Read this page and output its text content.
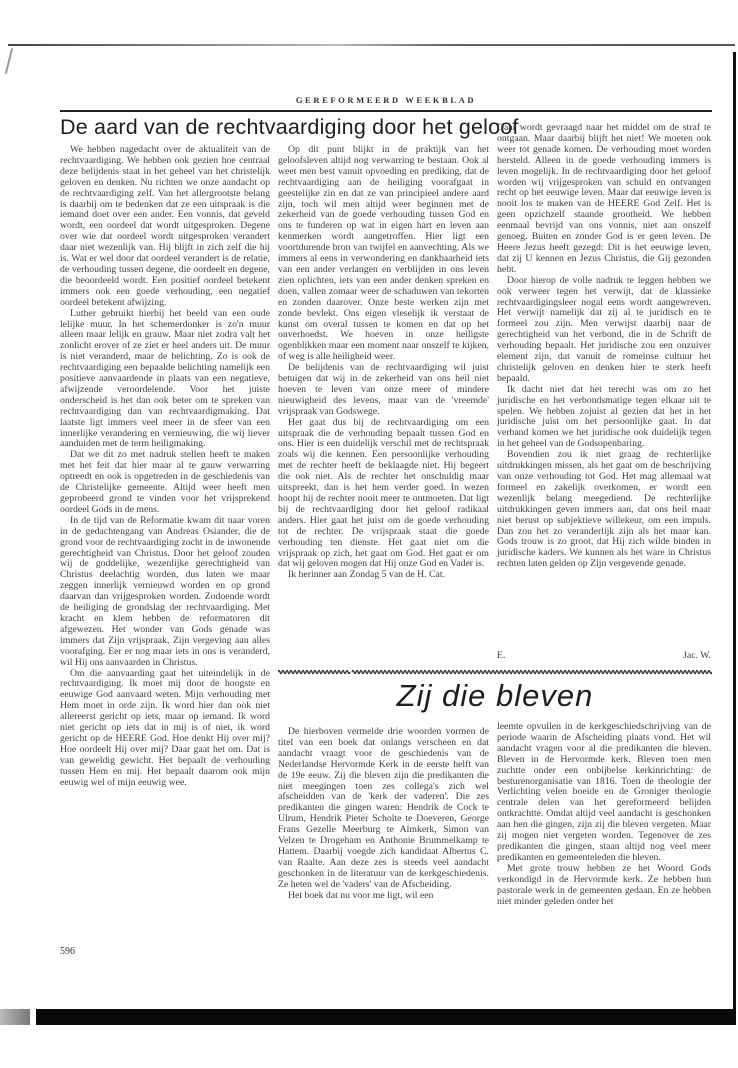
GEREFORMEERD WEEKBLAD
De aard van de rechtvaardiging door het geloof

We hebben nagedacht over de aktualiteit van de rechtvaardiging. We hebben ook gezien hoe centraal deze belijdenis staat in het geheel van het christelijk geloven en denken. Nu richten we onze aandacht op de rechtvaardiging zelf. Van het allergrootste belang is daarbij om te bedenken dat ze een uitspraak is die iemand doet over een ander. Een vonnis, dat geveld wordt, een oordeel dat wordt uitgesproken. Degene over wie dat oordeel wordt uitgesproken verandert daar niet wezenlijk van. Hij blijft in zich zelf die hij is. Wat er wel door dat oordeel verandert is de relatie, de verhouding tussen degene, die oordeelt en degene, die beoordeeld wordt. Een positief oordeel betekent immers ook een goede verhouding, een negatief oordeel betekent afwijzing.

Luther gebruikt hierbij het beeld van een oude lelijke muur. In het schemerdonker is zo'n muur alleen maar lelijk en grauw. Maar niet zodra valt het zonlicht erover of ze ziet er heel anders uit. De muur is niet veranderd, maar de belichting. Zo is ook de rechtvaardiging een bepaalde belichting namelijk een positieve aanvaardende in plaats van een negatieve, afwijzende veroordelende. Voor het juiste onderscheid is het dan ook beter om te spreken van rechtvaardiging dan van rechtvaardigmaking. Dat laatste ligt immers veel meer in de sfeer van een innerlijke verandering en vernieuwing, die wij liever aanduiden met de term heiligmaking.

Dat we dit zo met nadruk stellen heeft te maken met het feit dat hier maar al te gauw verwarring optreedt en ook is opgetreden in de geschiedenis van de Christelijke gemeente. Altijd weer heeft men geprobeerd grond te vinden voor het vrijsprekend oordeel Gods in de mens.

In de tijd van de Reformatie kwam dit naar voren in de gedachtengang van Andreas Osiander, die de grond voor de rechtvaardiging zocht in de inwonende gerechtigheid van Christus. Door het geloof zouden wij de goddelijke, wezenlijke gerechtigheid van Christus deelachtig worden, dus laten we maar zeggen innerlijk vernieuwd worden en op grond daarvan dan vrijgesproken worden. Zodoende wordt de heiliging de grondslag der rechtvaardiging. Met kracht en klem hebben de reformatoren dit afgewezen. Het wonder van Gods genade was immers dat Zijn vrijspraak, Zijn vergeving aan alles voorafging. Eer er nog maar iets in ons is veranderd, wil Hij ons aanvaarden in Christus.

Om die aanvaarding gaat het uiteindelijk in de rechtvaardiging. Ik moet mij door de hoogste en eeuwige God aanvaard weten. Mijn verhouding met Hem moet in orde zijn. Ik word hier dan ook niet allereerst gericht op iets, maar op iemand. Ik word niet gericht op iets dat in mij is of niet, ik word gericht op de HEERE God. Hoe denkt Hij over mij? Hoe oordeelt Hij over mij? Daar gaat het om. Dat is van geweldig gewicht. Het bepaalt de verhouding tussen Hem en mij. Het bepaalt daarom ook mijn eeuwig wel of mijn eeuwig wee.

Op dit punt blijkt in de praktijk van het geloofsleven altijd nog verwarring te bestaan. Ook al weet men best vanuit opvoeding en prediking, dat de rechtvaardiging aan de heiliging voorafgaat in geestelijke zin en dat ze van principieel andere aard zijn, toch wil men altijd weer beginnen met de zekerheid van de goede verhouding tussen God en ons te funderen op wat in eigen hart en leven aan kenmerken wordt aangetroffen. Hier ligt een voortdurende bron van twijfel en aanvechting. Als we immers al eens in verwondering en dankbaarheid iets van een ander verlangen en verblijden in ons leven zien oplichten, iets van een ander denken spreken en doen, vallen zomaar weer de schaduwen van tekorten en zonden daarover. Onze beste werken zijn met zonde bevlekt. Ons eigen vleselijk ik verstaat de kunst om overal tussen te komen en dat op het onverhoedst. We hoeven in onze heiligste ogenblikken maar een moment naar onszelf te kijken, of weg is alle heiligheid weer.

De belijdenis van de rechtvaardiging wil juist betuigen dat wij in de zekerheid van ons heil niet hoeven te leven van onze meer of mindere nieuwigheid des levens, maar van de 'vreemde' vrijspraak van Godswege.

Het gaat dus bij de rechtvaardiging om een uitspraak die de verhouding bepaalt tussen God en ons. Hier is een duidelijk verschil met de rechtspraak zoals wij die kennen. Een persoonlijke verhouding met de rechter heeft de beklaagde niet. Hij begeert die ook niet. Als de rechter het onschuldig maar uitspreekt, dan is het hem verder goed. In wezen hoopt hij de rechter nooit meer te ontmoeten. Dat ligt bij de rechtvaardiging door het geloof radikaal anders. Hier gaat het juist om de goede verhouding tot de rechter. De vrijspraak staat die goede verhouding ten dienste. Het gaat niet om die vrijspraak op zich, het gaat om God. Het gaat er om dat wij geloven mogen dat Hij onze God en Vader is.

Ik herinner aan Zondag 5 van de H. Cat.

Daar wordt gevraagd naar het middel om de straf te ontgaan. Maar daarbij blijft het niet! We moeten ook weer tot genade komen. De verhouding moet worden hersteld. Alleen in de goede verhouding immers is leven mogelijk. In de rechtvaardiging door het geloof worden wij vrijgesproken van schuld en ontvangen recht op het eeuwige leven. Maar dat eeuwige leven is nooit los te maken van de HEERE God Zelf. Het is geen opzichzelf staande grootheid. We hebben eenmaal bevrijd van ons vonnis, niet aan onszelf genoeg. Buiten en zonder God is er geen leven. De Heere Jezus heeft gezegd: Dit is het eeuwige leven, dat zij U kennen en Jezus Christus, die Gij gezonden hebt.

Door hierop de volle nadruk te leggen hebben we ook verweer tegen het verwijt, dat de klassieke rechtvaardigingsleer nogal eens wordt aangewreven. Het verwijt namelijk dat zij al te juridisch en te formeel zou zijn. Men verwijst daarbij naar de gerechtigheid van het verbond, die in de Schrift de verhouding bepaalt. Het juridische zou een onzuiver element zijn, dat vanuit de romeinse cultuur het christelijk geloven en denken hier te sterk heeft bepaald.

Ik dacht niet dat het terecht was om zo het juridische en het verbondsmatige tegen elkaar uit te spelen. We hebben zojuist al gezien dat het in het juridische juist om het persoonlijke gaat. In dat verband komen we het juridische ook duidelijk tegen in het geheel van de Godsopenbaring.

Bovendien zou ik niet graag de rechterlijke uitdrukkingen missen, als het gaat om de beschrijving van onze verhouding tot God. Het mag allemaal wat formeel en zakelijk overkomen, er wordt een wezenlijk belang meegediend. De rechterlijke uitdrukkingen geven immers aan, dat ons heil maar niet berust op subjektieve willekeur, om een impuls. Dan zou het zo veranderlijk zijn als het maar kan. Gods trouw is zo groot, dat Hij zich wilde binden in juridische kaders. We kunnen als het ware in Christus rechten laten gelden op Zijn vergevende genade.

E.	Jac. W.
Zij die bleven

De hierboven vermelde drie woorden vormen de titel van een boek dat onlangs verscheen en dat aandacht vraagt voor de geschiedenis van de Nederlandse Hervormde Kerk in de eerste helft van de 19e eeuw. Zij die bleven zijn die predikanten die niet meegingen toen zes collega's zich wel afscheidden van de 'kerk der vaderen'. Die zes predikanten die gingen waren: Hendrik de Cock te Ulrum, Hendrik Pieter Scholte te Doeveren, George Frans Gezelle Meerburg te Almkerk, Simon van Velzen te Drogeham en Anthonie Brummelkamp te Hattem. Daarbij voegde zich kandidaat Albertus C. van Raalte. Aan deze zes is steeds veel aandacht geschonken in de literatuur van de kerkgeschiedenis. Ze heten wel de 'vaders' van de Afscheiding.

Het boek dat nu voor me ligt, wil een

leemte opvullen in de kerkgeschiedschrijving van de periode waarin de Afscheiding plaats vond. Het wil aandacht vragen voor al die predikanten die bleven. Bleven in de Hervormde kerk. Bleven toen men zuchtte onder een onbijbelse kerkinrichting: de besturenorganisatie van 1816. Toen de theologie der Verlichting velen boeide en de Groniger theologie centrale delen van het gereformeerd belijden ontkrachtte. Omdat altijd veel aandacht is geschonken aan hen die gingen, zijn zij die bleven vergeten. Maar zij mogen niet vergeten worden. Tegenover de zes predikanten die gingen, staan altijd nog veel meer predikanten en gemeenteleden die bleven.

Met grote trouw hebben ze het Woord Gods verkondigd in de Hervormde kerk. Ze hebben hun pastorale werk in de gemeenten gedaan. En ze hebben niet minder geleden onder het

596
